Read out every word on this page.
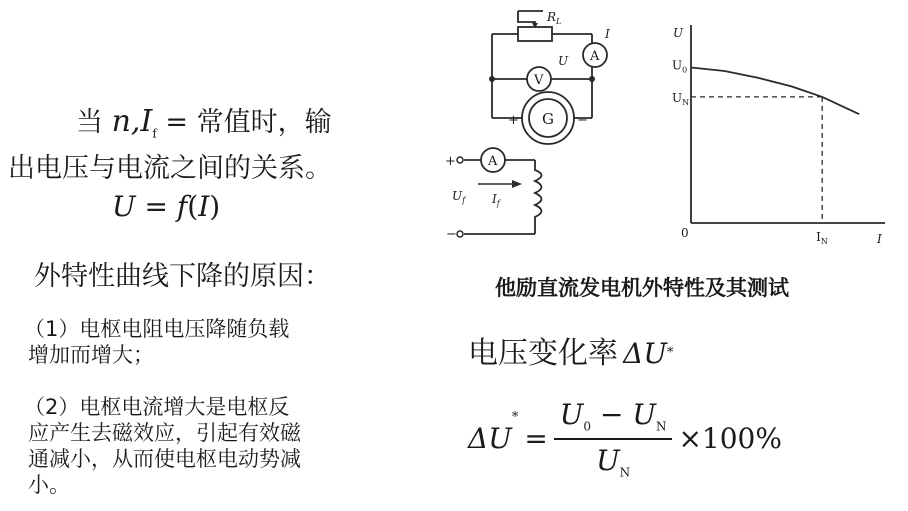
当 $n,I_f$ = 常值时，输
出电压与电流之间的关系。
U = f(I)
外特性曲线下降的原因：
（1）电枢电阻电压降随负载
增加而增大；
（2）电枢电流增大是电枢反
应产生去磁效应，引起有效磁
通减小，从而使电枢电动势减
小。
$R_L$
I
A
U
V
G
+	−
+ A
−
$U_f$ $I_f$
U
I
0
$U_0$
$U_N$
$I_N$
他励直流发电机外特性及其测试
电压变化率 ΔU*
ΔU
*
= $\frac{U_0 - U_N}{U_N} \times 100\%$
